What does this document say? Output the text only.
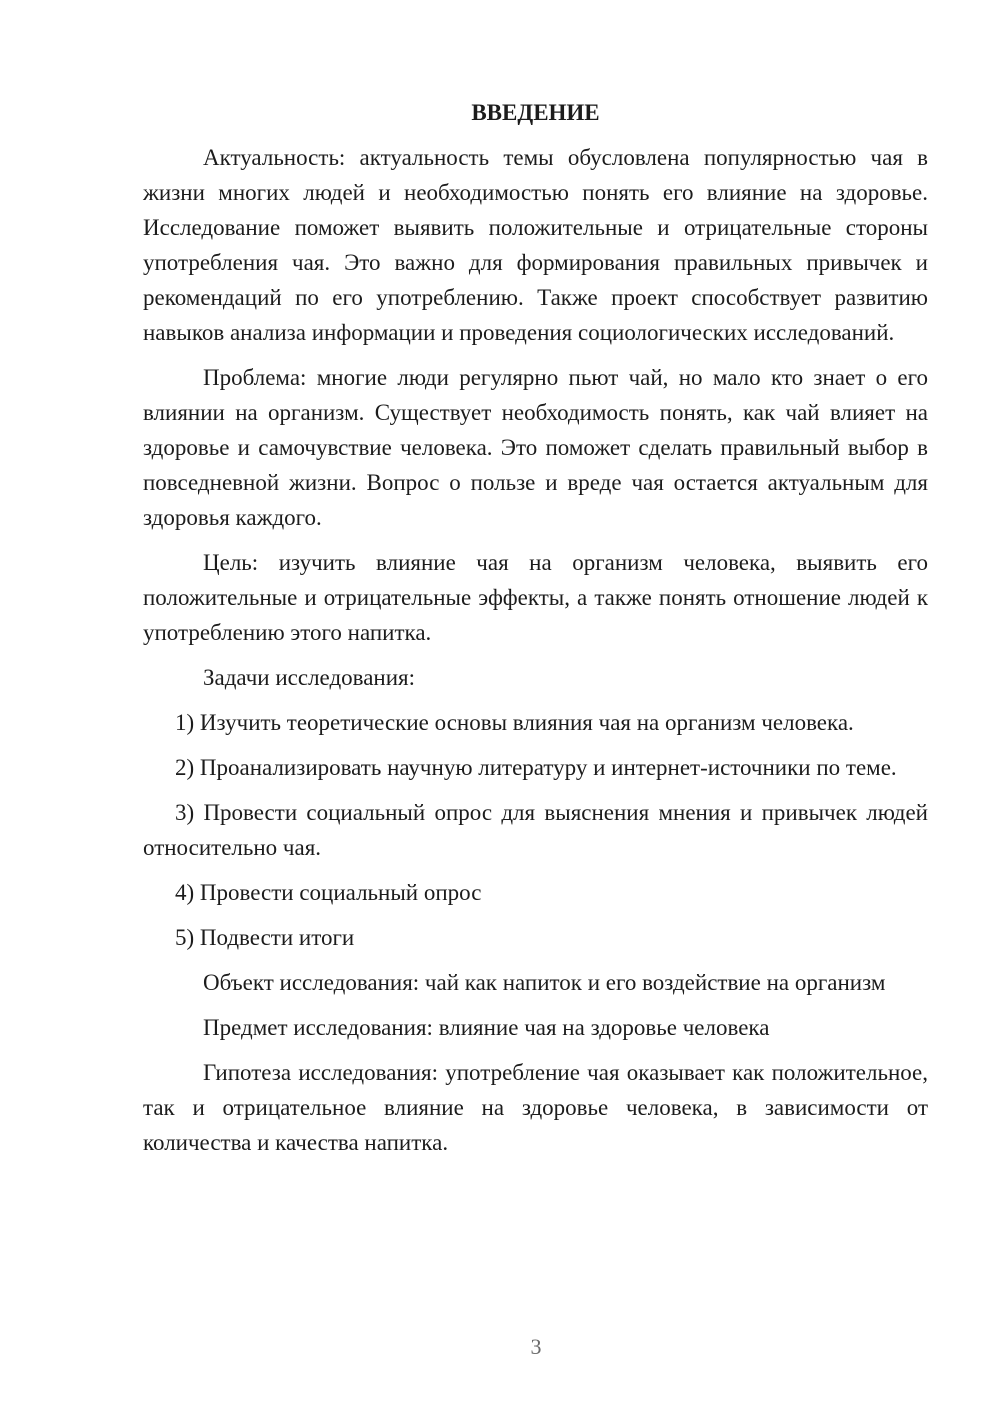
ВВЕДЕНИЕ

Актуальность: актуальность темы обусловлена популярностью чая в жизни многих людей и необходимостью понять его влияние на здоровье. Исследование поможет выявить положительные и отрицательные стороны употребления чая. Это важно для формирования правильных привычек и рекомендаций по его употреблению. Также проект способствует развитию навыков анализа информации и проведения социологических исследований.

Проблема: многие люди регулярно пьют чай, но мало кто знает о его влиянии на организм. Существует необходимость понять, как чай влияет на здоровье и самочувствие человека. Это поможет сделать правильный выбор в повседневной жизни. Вопрос о пользе и вреде чая остается актуальным для здоровья каждого.

Цель: изучить влияние чая на организм человека, выявить его положительные и отрицательные эффекты, а также понять отношение людей к употреблению этого напитка.

Задачи исследования:

1) Изучить теоретические основы влияния чая на организм человека.

2) Проанализировать научную литературу и интернет-источники по теме.

3) Провести социальный опрос для выяснения мнения и привычек людей относительно чая.

4) Провести социальный опрос

5) Подвести итоги

Объект исследования: чай как напиток и его воздействие на организм

Предмет исследования: влияние чая на здоровье человека

Гипотеза исследования: употребление чая оказывает как положительное, так и отрицательное влияние на здоровье человека, в зависимости от количества и качества напитка.

3
